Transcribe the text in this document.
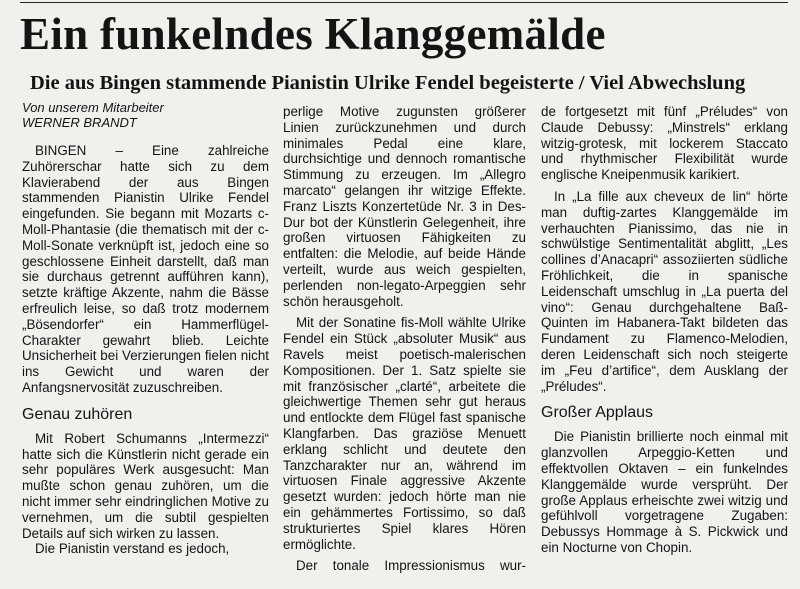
Ein funkelndes Klanggemälde
Die aus Bingen stammende Pianistin Ulrike Fendel begeisterte / Viel Abwechslung

Von unserem Mitarbeiter

WERNER BRANDT

BINGEN – Eine zahlreiche Zuhörerschar hatte sich zu dem Klavierabend der aus Bingen stammenden Pianistin Ulrike Fendel eingefunden. Sie begann mit Mozarts c-Moll-Phantasie (die thematisch mit der c-Moll-Sonate verknüpft ist, jedoch eine so geschlossene Einheit darstellt, daß man sie durchaus getrennt aufführen kann), setzte kräftige Akzente, nahm die Bässe erfreulich leise, so daß trotz modernem „Bösendorfer“ ein Hammerflügel-Charakter gewahrt blieb. Leichte Unsicherheit bei Verzierungen fielen nicht ins Gewicht und waren der Anfangsnervosität zuzuschreiben.

Genau zuhören

Mit Robert Schumanns „Intermezzi“ hatte sich die Künstlerin nicht gerade ein sehr populäres Werk ausgesucht: Man mußte schon genau zuhören, um die nicht immer sehr eindringlichen Motive zu vernehmen, um die subtil gespielten Details auf sich wirken zu lassen.

Die Pianistin verstand es jedoch,

perlige Motive zugunsten größerer Linien zurückzunehmen und durch minimales Pedal eine klare, durchsichtige und dennoch romantische Stimmung zu erzeugen. Im „Allegro marcato“ gelangen ihr witzige Effekte. Franz Liszts Konzertetüde Nr. 3 in Des-Dur bot der Künstlerin Gelegenheit, ihre großen virtuosen Fähigkeiten zu entfalten: die Melodie, auf beide Hände verteilt, wurde aus weich gespielten, perlenden non-legato-Arpeggien sehr schön herausgeholt.

Mit der Sonatine fis-Moll wählte Ulrike Fendel ein Stück „absoluter Musik“ aus Ravels meist poetisch-malerischen Kompositionen. Der 1. Satz spielte sie mit französischer „clarté“, arbeitete die gleichwertige Themen sehr gut heraus und entlockte dem Flügel fast spanische Klangfarben. Das graziöse Menuett erklang schlicht und deutete den Tanzcharakter nur an, während im virtuosen Finale aggressive Akzente gesetzt wurden: jedoch hörte man nie ein gehämmertes Fortissimo, so daß strukturiertes Spiel klares Hören ermöglichte.

Der tonale Impressionismus wur-

de fortgesetzt mit fünf „Préludes“ von Claude Debussy: „Minstrels“ erklang witzig-grotesk, mit lockerem Staccato und rhythmischer Flexibilität wurde englische Kneipenmusik karikiert.

In „La fille aux cheveux de lin“ hörte man duftig-zartes Klanggemälde im verhauchten Pianissimo, das nie in schwülstige Sentimentalität abglitt, „Les collines d’Anacapri“ assoziierten südliche Fröhlichkeit, die in spanische Leidenschaft umschlug in „La puerta del vino“: Genau durchgehaltene Baß-Quinten im Habanera-Takt bildeten das Fundament zu Flamenco-Melodien, deren Leidenschaft sich noch steigerte im „Feu d’artifice“, dem Ausklang der „Préludes“.

Großer Applaus

Die Pianistin brillierte noch einmal mit glanzvollen Arpeggio-Ketten und effektvollen Oktaven – ein funkelndes Klanggemälde wurde versprüht. Der große Applaus erheischte zwei witzig und gefühlvoll vorgetragene Zugaben: Debussys Hommage à S. Pickwick und ein Nocturne von Chopin.
